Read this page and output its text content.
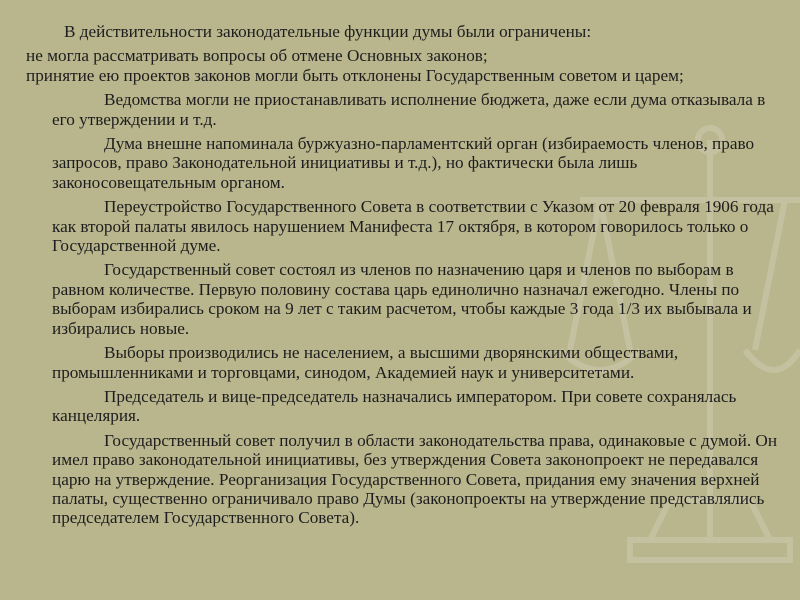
В действительности законодательные функции думы были ограничены:
не могла рассматривать вопросы об отмене Основных законов;
принятие ею проектов законов могли быть отклонены Государственным советом и царем;
Ведомства могли не приостанавливать исполнение бюджета, даже если дума отказывала в его утверждении и т.д.
Дума внешне напоминала буржуазно-парламентский орган (избираемость членов, право запросов, право Законодательной инициативы и т.д.), но фактически была лишь законосовещательным органом.
Переустройство Государственного Совета в соответствии с Указом от 20 февраля 1906 года как второй палаты явилось нарушением Манифеста 17 октября, в котором говорилось только о Государственной думе.
Государственный совет состоял из членов по назначению царя и членов по выборам в равном количестве. Первую половину состава царь единолично назначал ежегодно. Члены по выборам избирались сроком на 9 лет с таким расчетом, чтобы каждые 3 года 1/3 их выбывала и избирались новые.
Выборы производились не населением, а высшими дворянскими обществами, промышленниками и торговцами, синодом, Академией наук и университетами.
Председатель и вице-председатель назначались императором. При совете сохранялась канцелярия.
Государственный совет получил в области законодательства права, одинаковые с думой. Он имел право законодательной инициативы, без утверждения Совета законопроект не передавался царю на утверждение. Реорганизация Государственного Совета, придания ему значения верхней палаты, существенно ограничивало право Думы (законопроекты на утверждение представлялись председателем Государственного Совета).
